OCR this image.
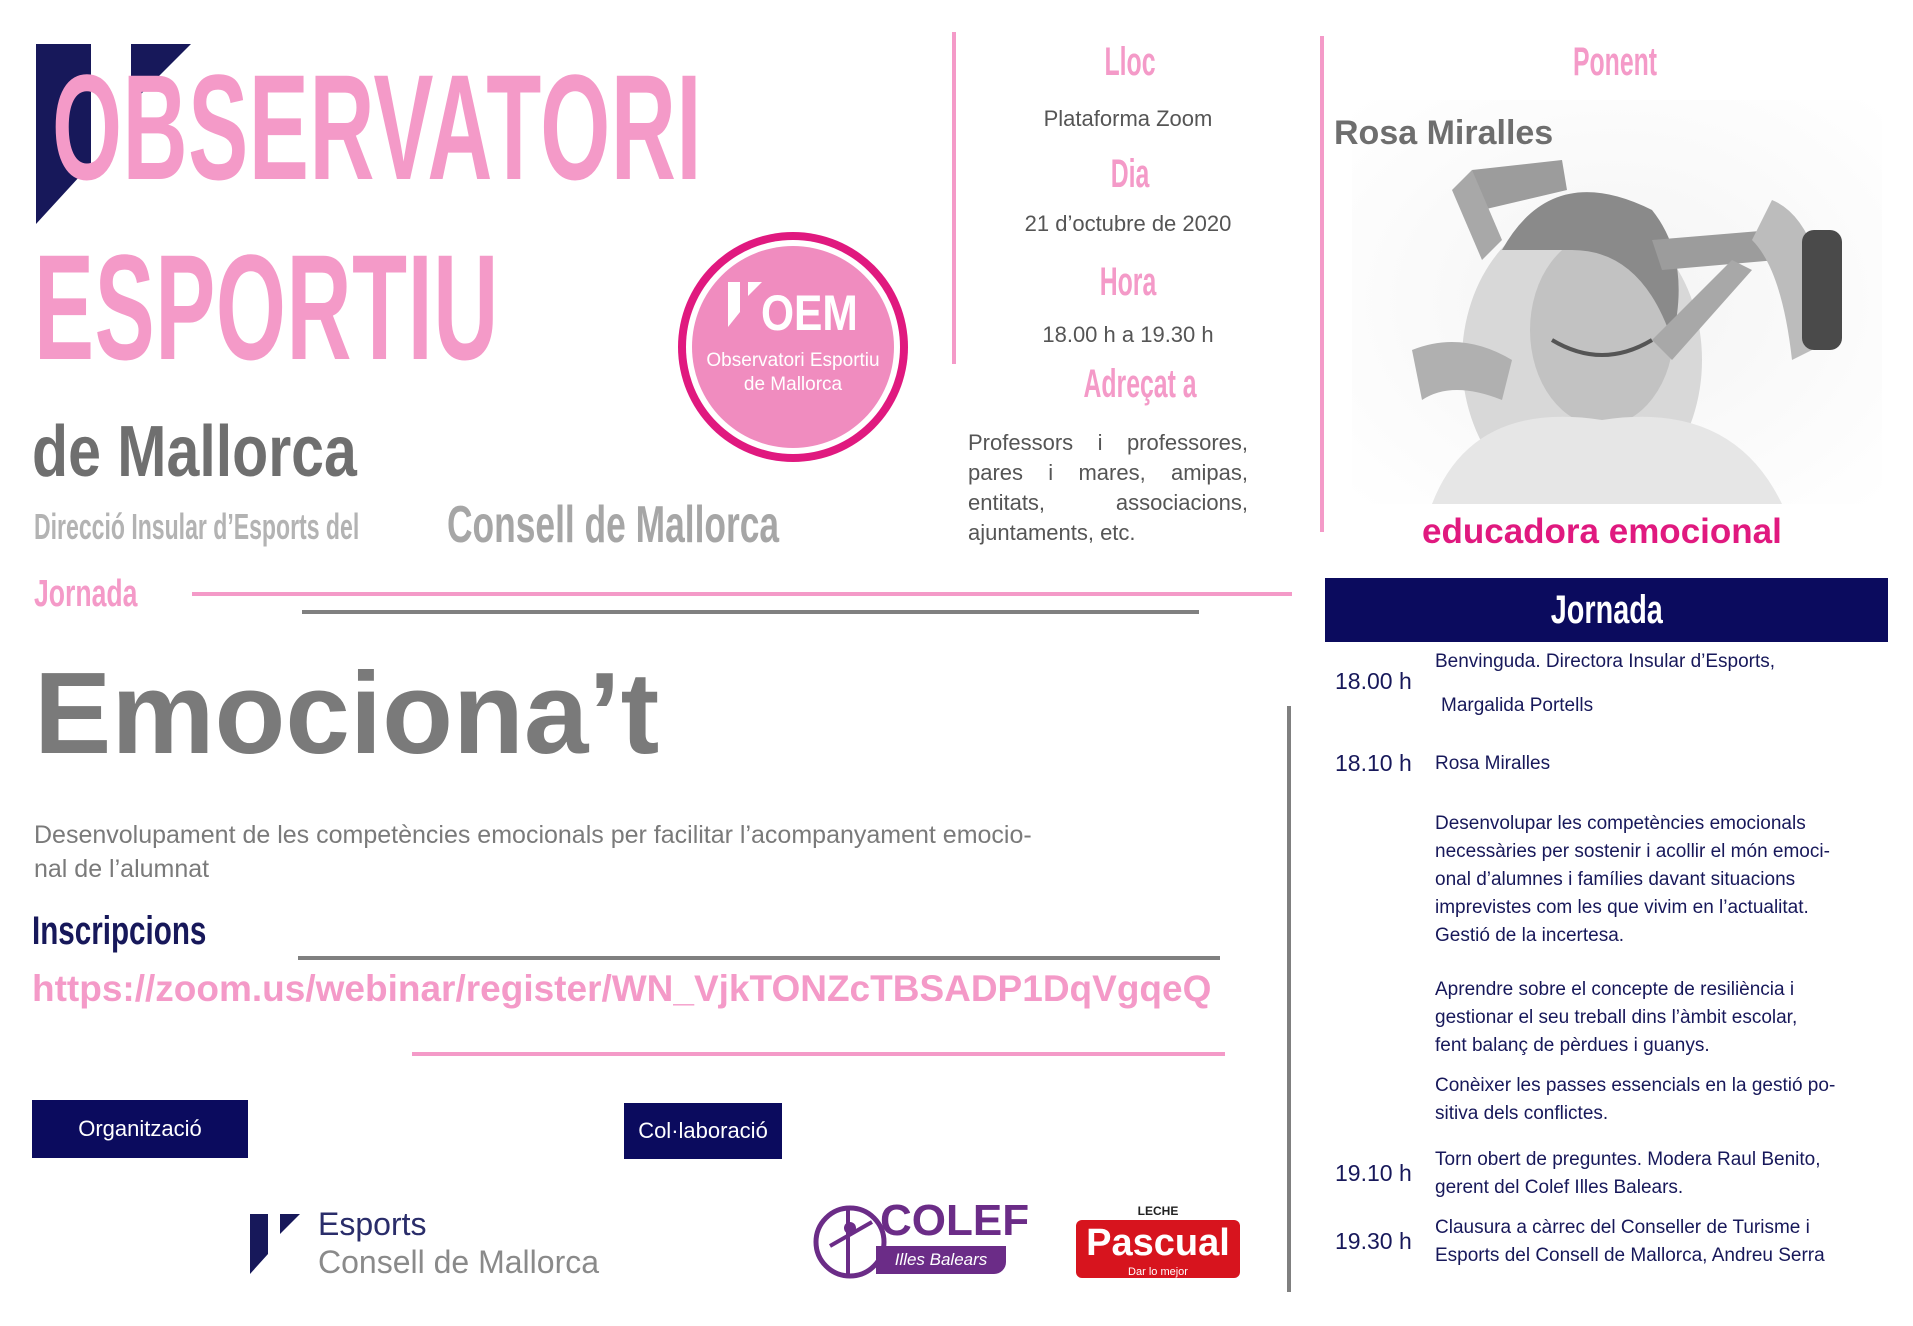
OBSERVATORI
ESPORTIU
de Mallorca
Direcció Insular d’Esports del	Consell de Mallorca
Jornada
OEM
Observatori Esportiu
de Mallorca
Lloc
Plataforma Zoom
Dia
21 d’octubre de 2020
Hora
18.00 h a 19.30 h
Adreçat a
Professors i professores,
pares i mares, amipas,
entitats, associacions,
ajuntaments, etc.
Ponent
Rosa Miralles
educadora emocional
Emociona’t
Desenvolupament de les competències emocionals per facilitar l’acompanyament emocio-
nal de l’alumnat
Inscripcions
https://zoom.us/webinar/register/WN_VjkTONZcTBSADP1DqVgqeQ
Organització	Col·laboració
Esports
Consell de Mallorca
COLEF
Illes Balears
LECHE
Pascual
Dar lo mejor
Jornada
18.00 h
Benvinguda. Directora Insular d’Esports,
Margalida Portells
18.10 h Rosa Miralles
Desenvolupar les competències emocionals
necessàries per sostenir i acollir el món emoci-
onal d’alumnes i famílies davant situacions
imprevistes com les que vivim en l’actualitat.
Gestió de la incertesa.
Aprendre sobre el concepte de resiliència i
gestionar el seu treball dins l’àmbit escolar,
fent balanç de pèrdues i guanys.
Conèixer les passes essencials en la gestió po-
sitiva dels conflictes.
19.10 h
Torn obert de preguntes. Modera Raul Benito,
gerent del Colef Illes Balears.
19.30 h
Clausura a càrrec del Conseller de Turisme i
Esports del Consell de Mallorca, Andreu Serra
